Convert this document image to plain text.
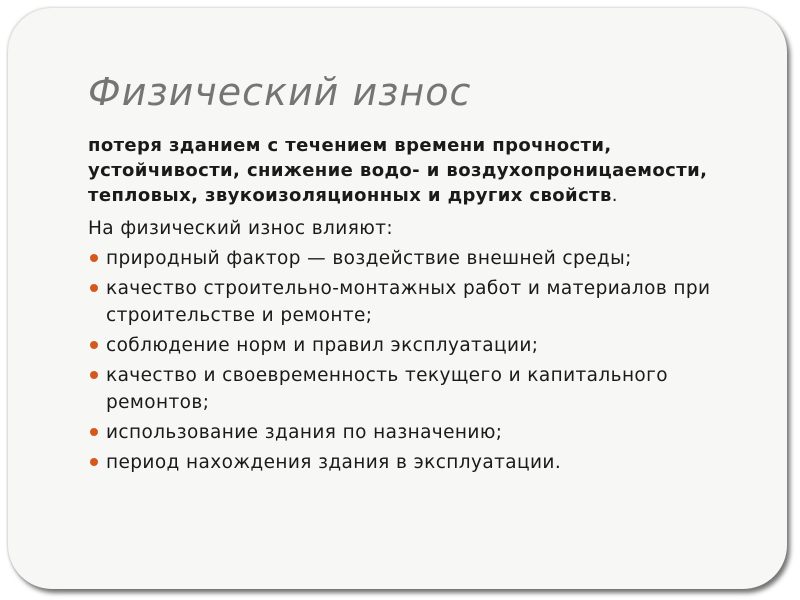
Физический износ

потеря зданием с течением времени прочности, устойчивости, снижение водо- и воздухопроницаемости, тепловых, звукоизоляционных и других свойств.

На физический износ влияют:

природный фактор — воздействие внешней среды;
качество строительно-монтажных работ и материалов при строительстве и ремонте;
соблюдение норм и правил эксплуатации;
качество и своевременность текущего и капитального ремонтов;
использование здания по назначению;
период нахождения здания в эксплуатации.
